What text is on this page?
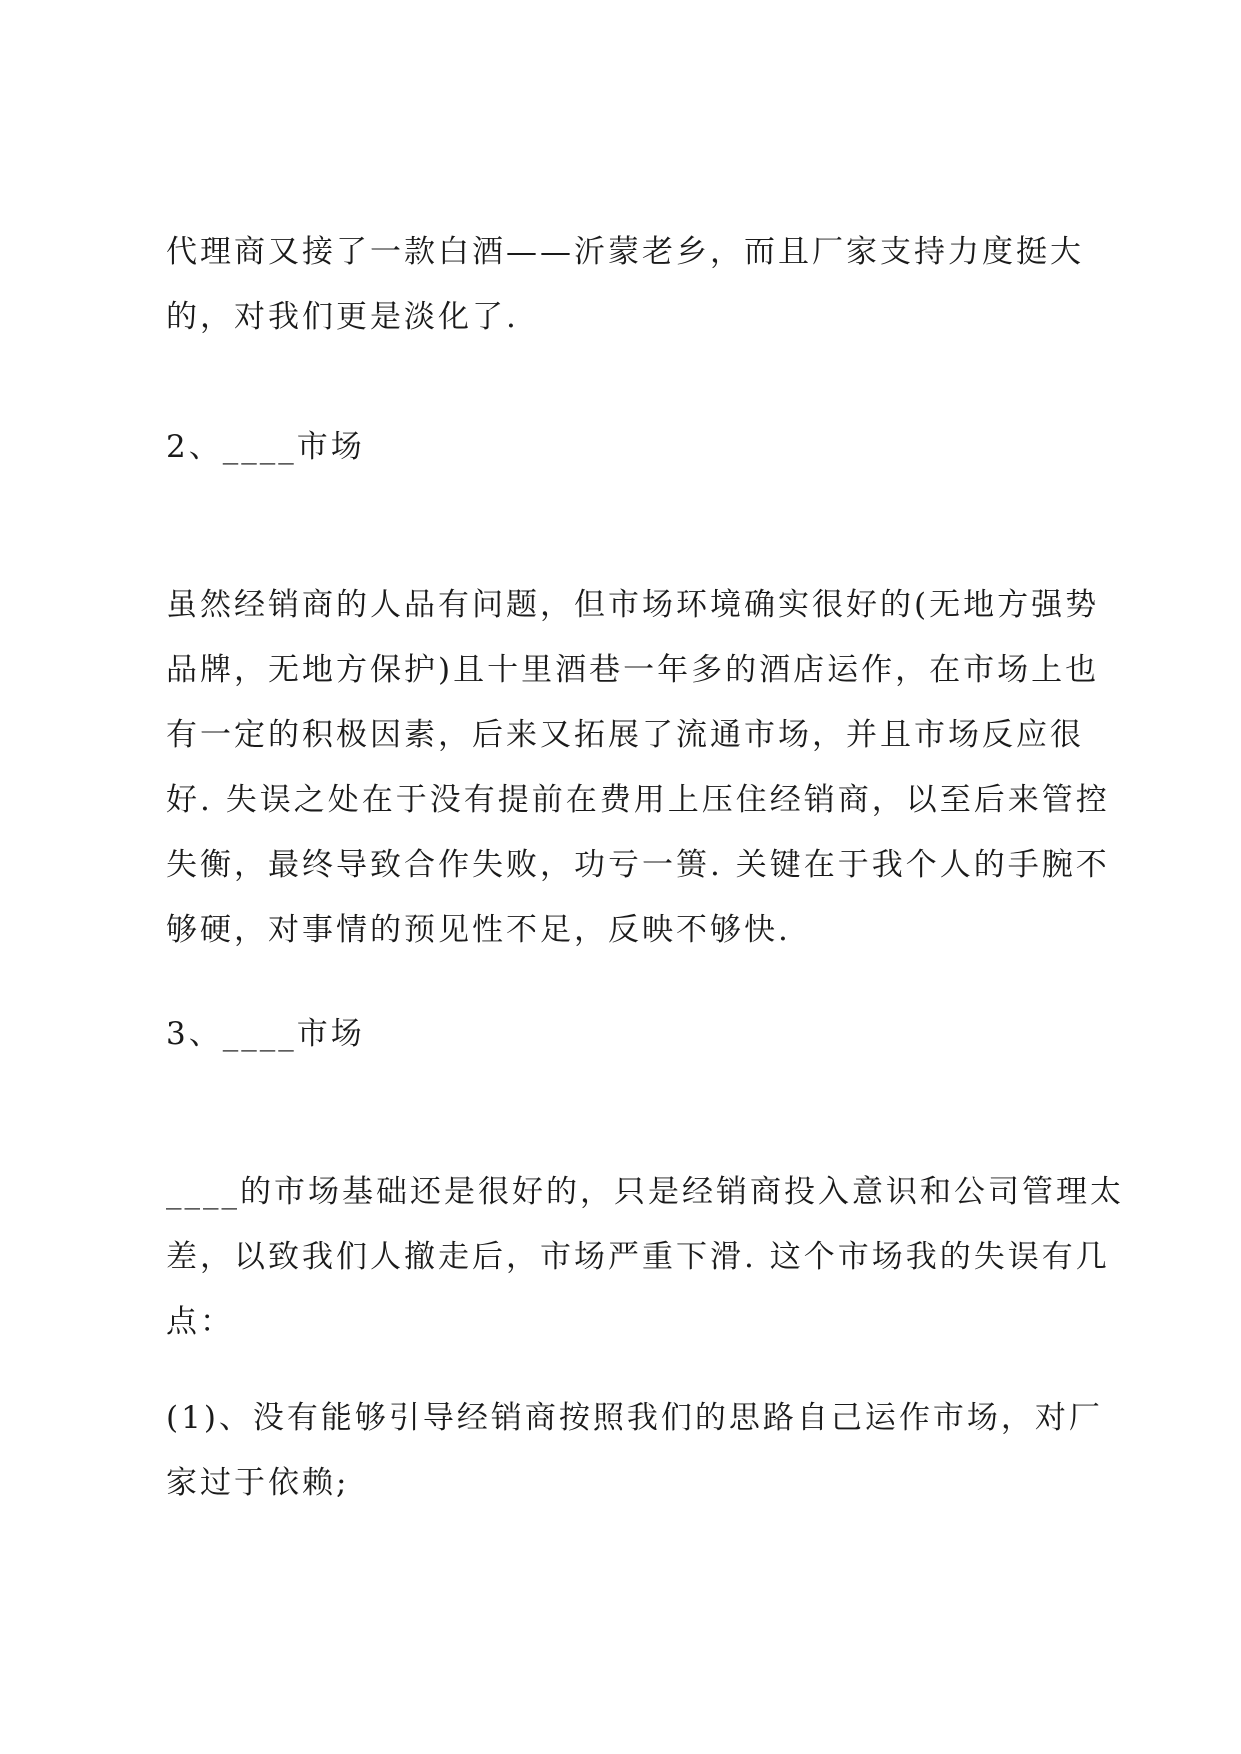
代理商又接了一款白酒——沂蒙老乡，而且厂家支持力度挺大
的，对我们更是淡化了.

2、____市场

虽然经销商的人品有问题，但市场环境确实很好的(无地方强势
品牌，无地方保护)且十里酒巷一年多的酒店运作，在市场上也
有一定的积极因素，后来又拓展了流通市场，并且市场反应很
好. 失误之处在于没有提前在费用上压住经销商，以至后来管控
失衡，最终导致合作失败，功亏一篑. 关键在于我个人的手腕不
够硬，对事情的预见性不足，反映不够快.

3、____市场

____的市场基础还是很好的，只是经销商投入意识和公司管理太
差，以致我们人撤走后，市场严重下滑. 这个市场我的失误有几
点：

(1)、没有能够引导经销商按照我们的思路自己运作市场，对厂
家过于依赖;
